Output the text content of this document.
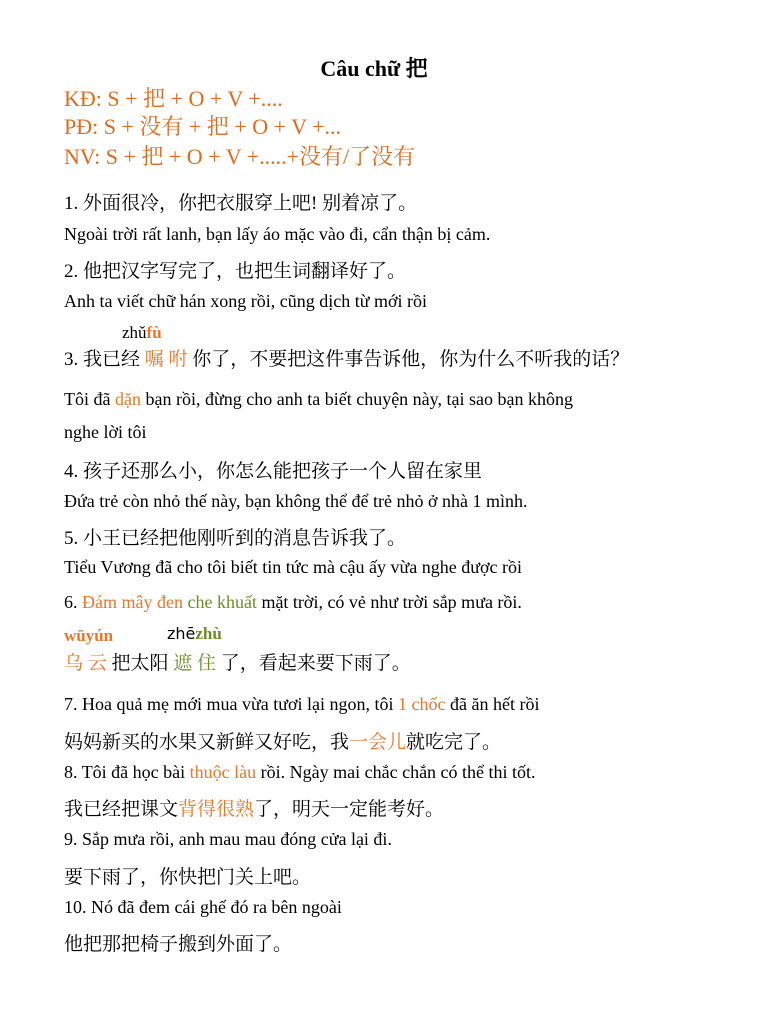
Câu chữ 把
KĐ: S + 把 + O + V +....
PĐ: S + 没有 + 把 + O + V +...
NV: S + 把 + O + V +.....+没有/了没有
1. 外面很冷，你把衣服穿上吧! 别着凉了。
Ngoài trời rất lanh, bạn lấy áo mặc vào đi, cẩn thận bị cảm.
2. 他把汉字写完了，也把生词翻译好了。
Anh ta viết chữ hán xong rồi, cũng dịch từ mới rồi
zhǔfù
3. 我已经 嘱 咐 你了，不要把这件事告诉他，你为什么不听我的话？
Tôi đã dặn bạn rồi, đừng cho anh ta biết chuyện này, tại sao bạn không
nghe lời tôi
4. 孩子还那么小，你怎么能把孩子一个人留在家里
Đứa trẻ còn nhỏ thế này, bạn không thể để trẻ nhỏ ở nhà 1 mình.
5. 小王已经把他刚听到的消息告诉我了。
Tiểu Vương đã cho tôi biết tin tức mà cậu ấy vừa nghe được rồi
6. Đám mây đen che khuất mặt trời, có vẻ như trời sắp mưa rồi.
wūyún	zhēzhù
乌 云 把太阳 遮 住 了，看起来要下雨了。
7. Hoa quả mẹ mới mua vừa tươi lại ngon, tôi 1 chốc đã ăn hết rồi
妈妈新买的水果又新鲜又好吃，我一会儿就吃完了。
8. Tôi đã học bài thuộc làu rồi. Ngày mai chắc chắn có thể thi tốt.
我已经把课文背得很熟了，明天一定能考好。
9. Sắp mưa rồi, anh mau mau đóng cửa lại đi.
要下雨了，你快把门关上吧。
10. Nó đã đem cái ghế đó ra bên ngoài
他把那把椅子搬到外面了。
